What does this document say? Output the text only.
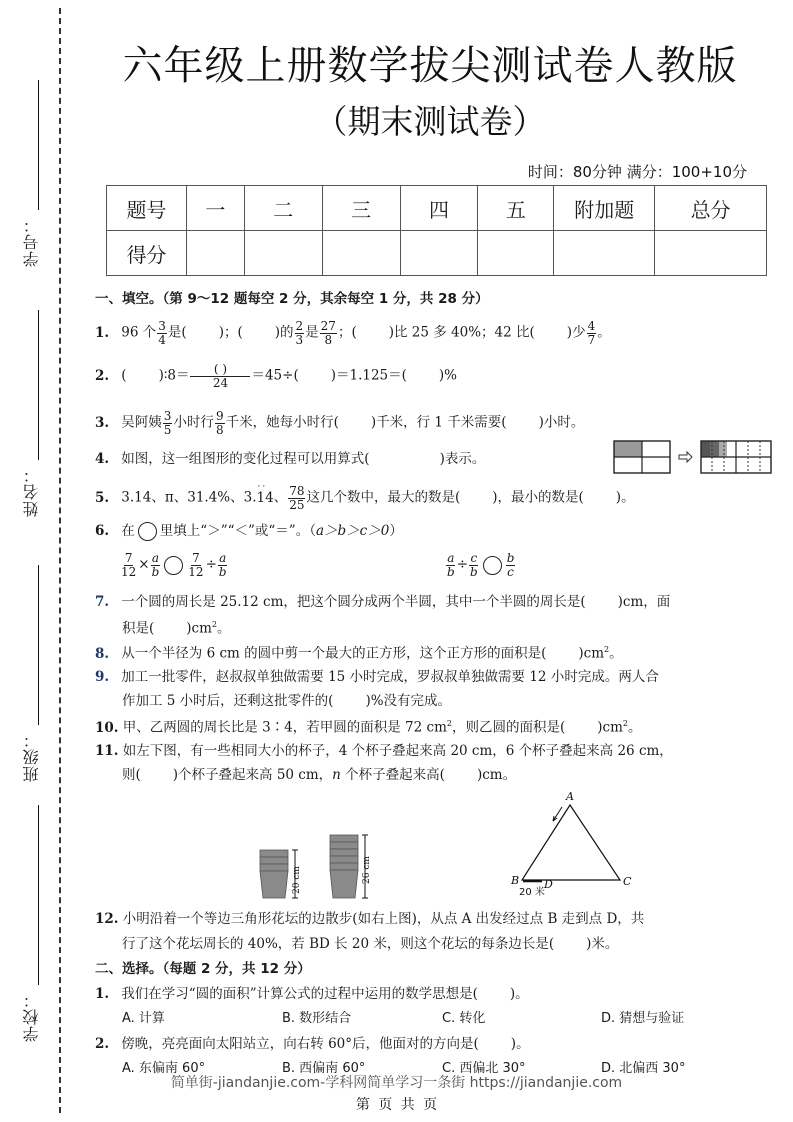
学号：
姓名：
班级：
学校：
六年级上册数学拔尖测试卷人教版
（期末测试卷）
时间：80分钟 满分：100+10分
题号	一	二	三	四	五	附加题	总分
得分							
一、填空。（第 9～12 题每空 2 分，其余每空 1 分，共 28 分）
1. 96 个 $\frac{3}{4}$ 是( )；( )的 $\frac{2}{3}$ 是 $\frac{27}{8}$ ；( )比 25 多 40%；42 比( )少 $\frac{4}{7}$ 。
2. ( )∶8＝ $\frac{( )}{24} =45\div$( )＝1.125＝( )%
3. 吴阿姨 $\frac{3}{5}$ 小时行 $\frac{9}{8}$ 千米，她每小时行( )千米，行 1 千米需要( )小时。
4. 如图，这一组图形的变化过程可以用算式(	)表示。
5. 3.14、π、31.4%、3.
··
14、 $\frac{78}{25}$ 这几个数中，最大的数是( )，最小的数是( )。
6. 在 里填上“＞”“＜”或“＝”。（a＞b＞c＞0）
$\frac{7}{12} \times \frac{a}{b} \frac{7}{12} \div \frac{a}{b}$	$\frac{a}{b} \div \frac{c}{b} \frac{b}{c}$
7. 一个圆的周长是 25.12 cm，把这个圆分成两个半圆，其中一个半圆的周长是( )cm，面
积是( )$cm^2$。
8. 从一个半径为 6 cm 的圆中剪一个最大的正方形，这个正方形的面积是( )$cm^2$。
9. 加工一批零件，赵叔叔单独做需要 15 小时完成，罗叔叔单独做需要 12 小时完成。两人合
作加工 5 小时后，还剩这批零件的( )%没有完成。
10. 甲、乙两圆的周长比是 3∶4，若甲圆的面积是 72 $cm^2$，则乙圆的面积是( )$cm^2$。
11. 如左下图，有一些相同大小的杯子，4 个杯子叠起来高 20 cm，6 个杯子叠起来高 26 cm，
则( )个杯子叠起来高 50 cm，n 个杯子叠起来高( )cm。
20 cm	26 cm
A
B	C
D
20 米
12. 小明沿着一个等边三角形花坛的边散步(如右上图)，从点 A 出发经过点 B 走到点 D，共
行了这个花坛周长的 40%，若 BD 长 20 米，则这个花坛的每条边长是( )米。
二、选择。（每题 2 分，共 12 分）
1. 我们在学习“圆的面积”计算公式的过程中运用的数学思想是( )。
A. 计算	B. 数形结合	C. 转化	D. 猜想与验证
2. 傍晚，亮亮面向太阳站立，向右转 60°后，他面对的方向是( )。
A. 东偏南 60°	B. 西偏南 60°	C. 西偏北 30°	D. 北偏西 30°
简单街-jiandanjie.com-学科网简单学习一条街 https://jiandanjie.com
第 页 共 页
